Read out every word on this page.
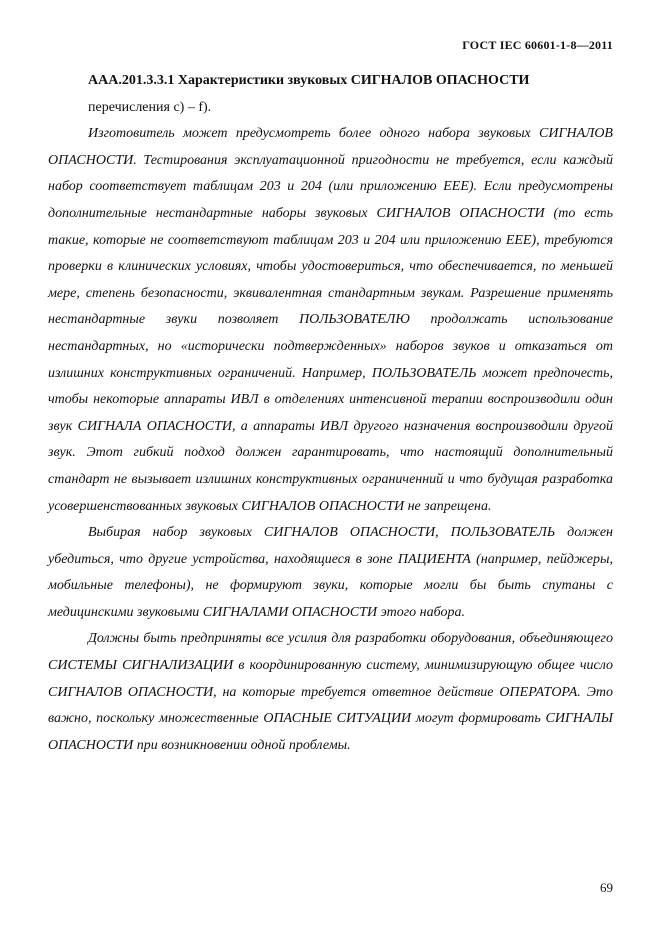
ГОСТ IEC 60601-1-8—2011
AAA.201.3.3.1 Характеристики звуковых СИГНАЛОВ ОПАСНОСТИ
перечисления с) – f).

Изготовитель может предусмотреть более одного набора звуковых СИГНАЛОВ ОПАСНОСТИ. Тестирования эксплуатационной пригодности не требуется, если каждый набор соответствует таблицам 203 и 204 (или приложению ЕЕЕ). Если предусмотрены дополнительные нестандартные наборы звуковых СИГНАЛОВ ОПАСНОСТИ (то есть такие, которые не соответствуют таблицам 203 и 204 или приложению ЕЕЕ), требуются проверки в клинических условиях, чтобы удостовериться, что обеспечивается, по меньшей мере, степень безопасности, эквивалентная стандартным звукам. Разрешение применять нестандартные звуки позволяет ПОЛЬЗОВАТЕЛЮ продолжать использование нестандартных, но «исторически подтвержденных» наборов звуков и отказаться от излишних конструктивных ограничений. Например, ПОЛЬЗОВАТЕЛЬ может предпочесть, чтобы некоторые аппараты ИВЛ в отделениях интенсивной терапии воспроизводили один звук СИГНАЛА ОПАСНОСТИ, а аппараты ИВЛ другого назначения воспроизводили другой звук. Этот гибкий подход должен гарантировать, что настоящий дополнительный стандарт не вызывает излишних конструктивных ограниченний и что будущая разработка усовершенствованных звуковых СИГНАЛОВ ОПАСНОСТИ не запрещена.

Выбирая набор звуковых СИГНАЛОВ ОПАСНОСТИ, ПОЛЬЗОВАТЕЛЬ должен убедиться, что другие устройства, находящиеся в зоне ПАЦИЕНТА (например, пейджеры, мобильные телефоны), не формируют звуки, которые могли бы быть спутаны с медицинскими звуковыми СИГНАЛАМИ ОПАСНОСТИ этого набора.

Должны быть предприняты все усилия для разработки оборудования, объединяющего СИСТЕМЫ СИГНАЛИЗАЦИИ в координированную систему, минимизирующую общее число СИГНАЛОВ ОПАСНОСТИ, на которые требуется ответное действие ОПЕРАТОРА. Это важно, поскольку множественные ОПАСНЫЕ СИТУАЦИИ могут формировать СИГНАЛЫ ОПАСНОСТИ при возникновении одной проблемы.

69
